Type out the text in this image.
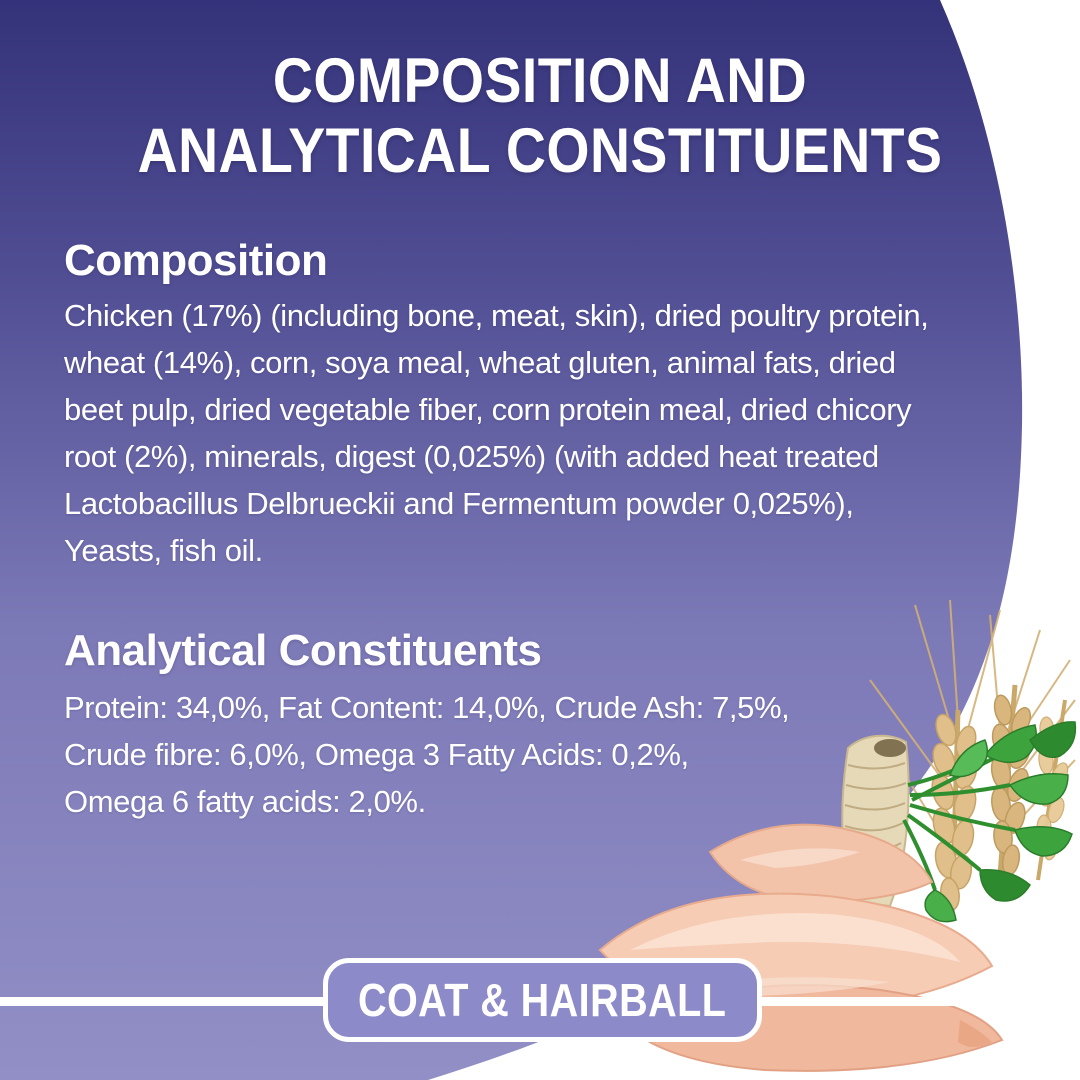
COMPOSITION AND
ANALYTICAL CONSTITUENTS
Composition
Chicken (17%) (including bone, meat, skin), dried poultry protein,
wheat (14%), corn, soya meal, wheat gluten, animal fats, dried
beet pulp, dried vegetable fiber, corn protein meal, dried chicory
root (2%), minerals, digest (0,025%) (with added heat treated
Lactobacillus Delbrueckii and Fermentum powder 0,025%),
Yeasts, fish oil.
Analytical Constituents
Protein: 34,0%, Fat Content: 14,0%, Crude Ash: 7,5%,
Crude fibre: 6,0%, Omega 3 Fatty Acids: 0,2%,
Omega 6 fatty acids: 2,0%.
COAT & HAIRBALL
